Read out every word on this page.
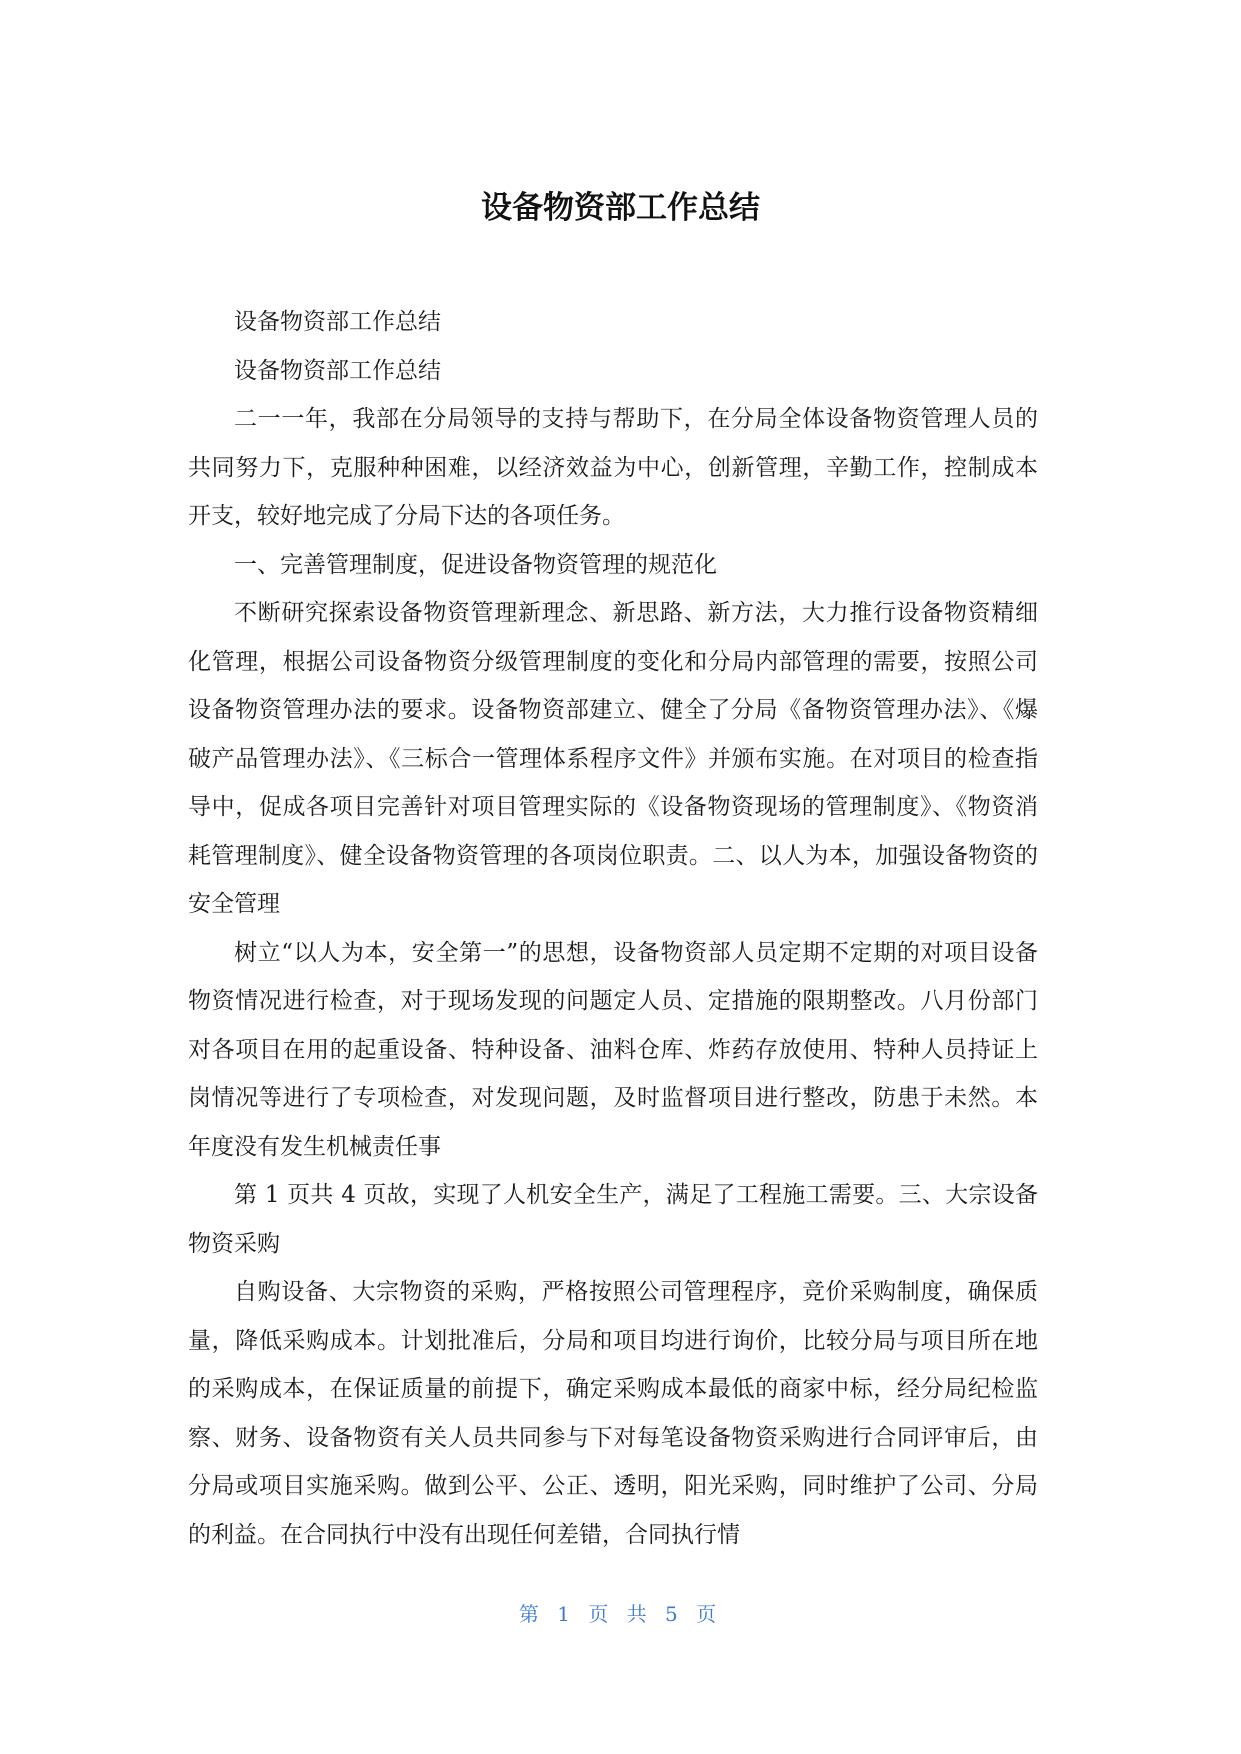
设备物资部工作总结

设备物资部工作总结

设备物资部工作总结

二一一年，我部在分局领导的支持与帮助下，在分局全体设备物资管理人员的共同努力下，克服种种困难，以经济效益为中心，创新管理，辛勤工作，控制成本开支，较好地完成了分局下达的各项任务。

一、完善管理制度，促进设备物资管理的规范化

不断研究探索设备物资管理新理念、新思路、新方法，大力推行设备物资精细化管理，根据公司设备物资分级管理制度的变化和分局内部管理的需要，按照公司设备物资管理办法的要求。设备物资部建立、健全了分局《备物资管理办法》、《爆破产品管理办法》、《三标合一管理体系程序文件》并颁布实施。在对项目的检查指导中，促成各项目完善针对项目管理实际的《设备物资现场的管理制度》、《物资消耗管理制度》、健全设备物资管理的各项岗位职责。二、以人为本，加强设备物资的安全管理

树立“以人为本，安全第一”的思想，设备物资部人员定期不定期的对项目设备物资情况进行检查，对于现场发现的问题定人员、定措施的限期整改。八月份部门对各项目在用的起重设备、特种设备、油料仓库、炸药存放使用、特种人员持证上岗情况等进行了专项检查，对发现问题，及时监督项目进行整改，防患于未然。本年度没有发生机械责任事

第 1 页共 4 页故，实现了人机安全生产，满足了工程施工需要。三、大宗设备物资采购

自购设备、大宗物资的采购，严格按照公司管理程序，竞价采购制度，确保质量，降低采购成本。计划批准后，分局和项目均进行询价，比较分局与项目所在地的采购成本，在保证质量的前提下，确定采购成本最低的商家中标，经分局纪检监察、财务、设备物资有关人员共同参与下对每笔设备物资采购进行合同评审后，由分局或项目实施采购。做到公平、公正、透明，阳光采购，同时维护了公司、分局的利益。在合同执行中没有出现任何差错，合同执行情

第 1 页 共 5 页
